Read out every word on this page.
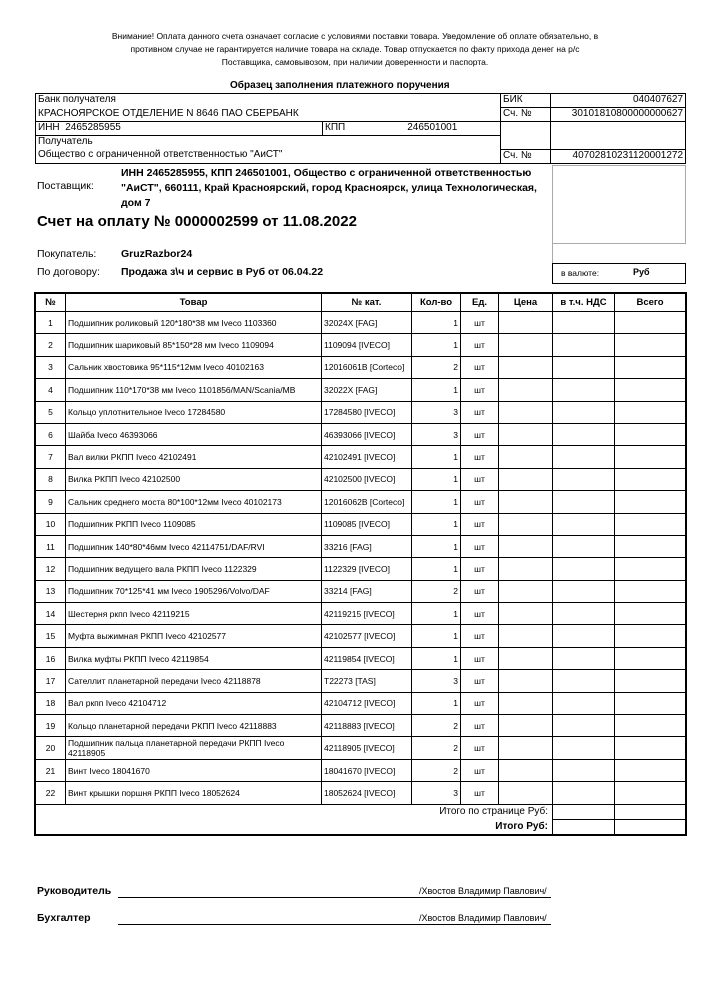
Внимание! Оплата данного счета означает согласие с условиями поставки товара. Уведомление об оплате обязательно, в противном случае не гарантируется наличие товара на складе. Товар отпускается по факту прихода денег на р/с Поставщика, самовывозом, при наличии доверенности и паспорта.
Образец заполнения платежного поручения
Банк получателя		БИК	040407627
КРАСНОЯРСКОЕ ОТДЕЛЕНИЕ N 8646 ПАО СБЕРБАНК		Сч. №	30101810800000000627
ИНН 2465285955	КПП 246501001		
Получатель			
Общество с ограниченной ответственностью "АиСТ"		Сч. №	40702810231120001272
Поставщик:
ИНН 2465285955, КПП 246501001, Общество с ограниченной ответственностью "АиСТ", 660111, Край Красноярский, город Красноярск, улица Технологическая, дом 7
Счет на оплату № 0000002599 от 11.08.2022
Покупатель: GruzRazbor24
По договору: Продажа з\ч и сервис в Руб от 06.04.22	в валюте:	Руб
№	Товар	№ кат.	Кол-во	Ед.	Цена	в т.ч. НДС	Всего
1	Подшипник роликовый 120*180*38 мм Iveco 1103360	32024X [FAG]	1	шт			
2	Подшипник шариковый 85*150*28 мм Iveco 1109094	1109094 [IVECO]	1	шт			
3	Сальник хвостовика 95*115*12мм Iveco 40102163	12016061B [Corteco]	2	шт			
4	Подшипник 110*170*38 мм Iveco 1101856/MAN/Scania/MB	32022X [FAG]	1	шт			
5	Кольцо уплотнительное Iveco 17284580	17284580 [IVECO]	3	шт			
6	Шайба Iveco 46393066	46393066 [IVECO]	3	шт			
7	Вал вилки РКПП Iveco 42102491	42102491 [IVECO]	1	шт			
8	Вилка РКПП Iveco 42102500	42102500 [IVECO]	1	шт			
9	Сальник среднего моста 80*100*12мм Iveco 40102173	12016062B [Corteco]	1	шт			
10	Подшипник РКПП Iveco 1109085	1109085 [IVECO]	1	шт			
11	Подшипник 140*80*46мм Iveco 42114751/DAF/RVI	33216 [FAG]	1	шт			
12	Подшипник ведущего вала РКПП Iveco 1122329	1122329 [IVECO]	1	шт			
13	Подшипник 70*125*41 мм Iveco 1905296/Volvo/DAF	33214 [FAG]	2	шт			
14	Шестерня ркпп Iveco 42119215	42119215 [IVECO]	1	шт			
15	Муфта выжимная РКПП Iveco 42102577	42102577 [IVECO]	1	шт			
16	Вилка муфты РКПП Iveco 42119854	42119854 [IVECO]	1	шт			
17	Сателлит планетарной передачи Iveco 42118878	T22273 [TAS]	3	шт			
18	Вал ркпп Iveco 42104712	42104712 [IVECO]	1	шт			
19	Кольцо планетарной передачи РКПП Iveco 42118883	42118883 [IVECO]	2	шт			
20	Подшипник пальца планетарной передачи РКПП Iveco 42118905	42118905 [IVECO]	2	шт			
21	Винт Iveco 18041670	18041670 [IVECO]	2	шт			
22	Винт крышки поршня РКПП Iveco 18052624	18052624 [IVECO]	3	шт			
Итого по странице Руб:							
Итого Руб:							
Руководитель	/Хвостов Владимир Павлович/
Бухгалтер	/Хвостов Владимир Павлович/
